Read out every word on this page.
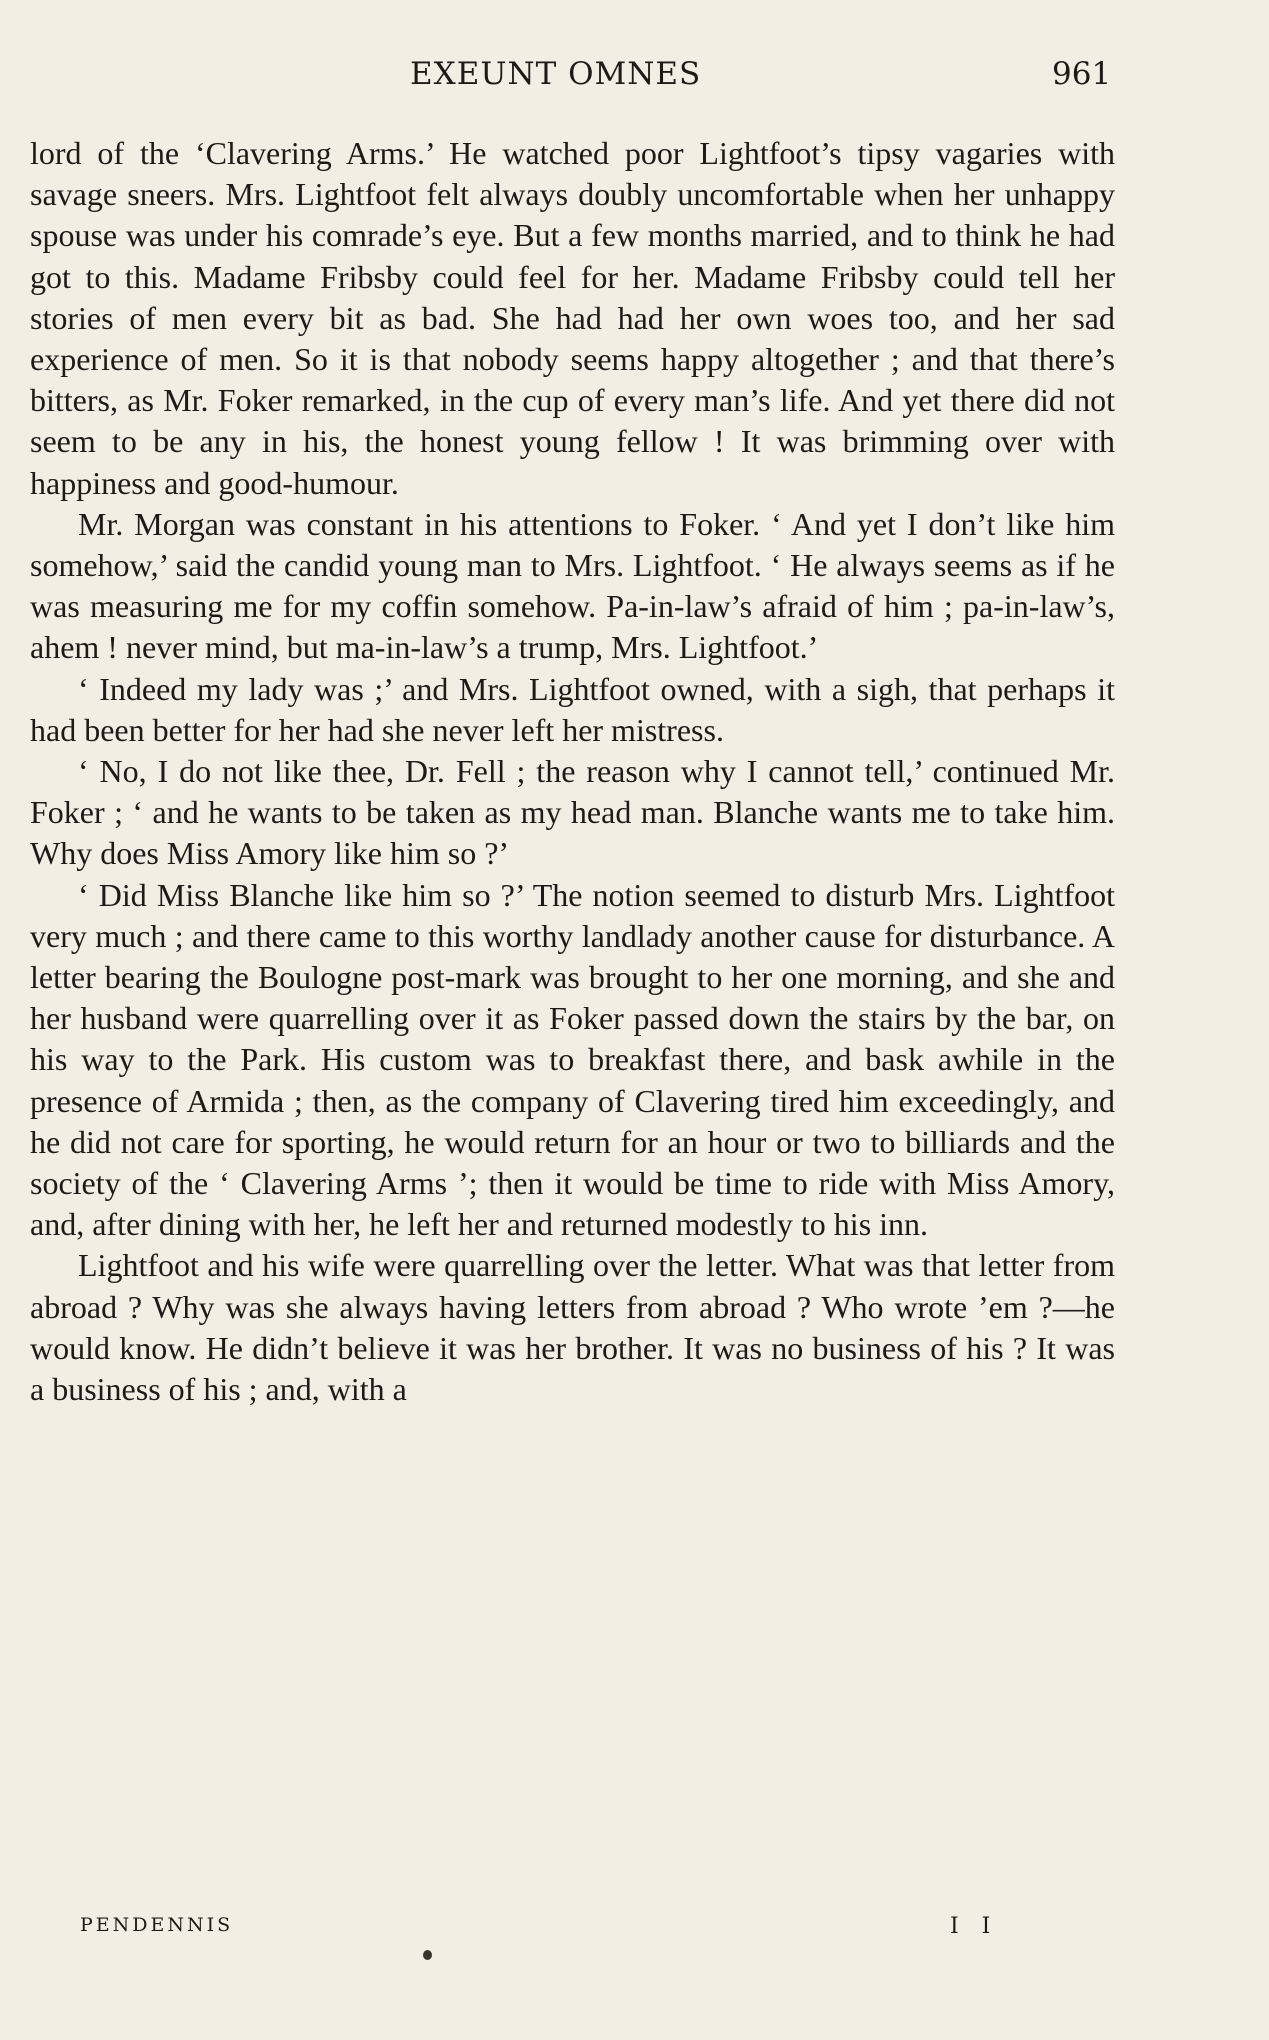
EXEUNT OMNES	961

lord of the ‘Clavering Arms.’ He watched poor Lightfoot’s tipsy vagaries with savage sneers. Mrs. Lightfoot felt always doubly uncomfortable when her unhappy spouse was under his comrade’s eye. But a few months married, and to think he had got to this. Madame Fribsby could feel for her. Madame Fribsby could tell her stories of men every bit as bad. She had had her own woes too, and her sad experience of men. So it is that nobody seems happy altogether ; and that there’s bitters, as Mr. Foker remarked, in the cup of every man’s life. And yet there did not seem to be any in his, the honest young fellow ! It was brimming over with happiness and good-humour.

Mr. Morgan was constant in his attentions to Foker. ‘ And yet I don’t like him somehow,’ said the candid young man to Mrs. Lightfoot. ‘ He always seems as if he was measuring me for my coffin somehow. Pa-in-law’s afraid of him ; pa-in-law’s, ahem ! never mind, but ma-in-law’s a trump, Mrs. Lightfoot.’

‘ Indeed my lady was ;’ and Mrs. Lightfoot owned, with a sigh, that perhaps it had been better for her had she never left her mistress.

‘ No, I do not like thee, Dr. Fell ; the reason why I cannot tell,’ continued Mr. Foker ; ‘ and he wants to be taken as my head man. Blanche wants me to take him. Why does Miss Amory like him so ?’

‘ Did Miss Blanche like him so ?’ The notion seemed to disturb Mrs. Lightfoot very much ; and there came to this worthy landlady another cause for disturbance. A letter bearing the Boulogne post-mark was brought to her one morning, and she and her husband were quarrelling over it as Foker passed down the stairs by the bar, on his way to the Park. His custom was to breakfast there, and bask awhile in the presence of Armida ; then, as the company of Clavering tired him exceedingly, and he did not care for sporting, he would return for an hour or two to billiards and the society of the ‘ Clavering Arms ’; then it would be time to ride with Miss Amory, and, after dining with her, he left her and returned modestly to his inn.

Lightfoot and his wife were quarrelling over the letter. What was that letter from abroad ? Why was she always having letters from abroad ? Who wrote ’em ?—he would know. He didn’t believe it was her brother. It was no business of his ? It was a business of his ; and, with a

PENDENNIS	I I
